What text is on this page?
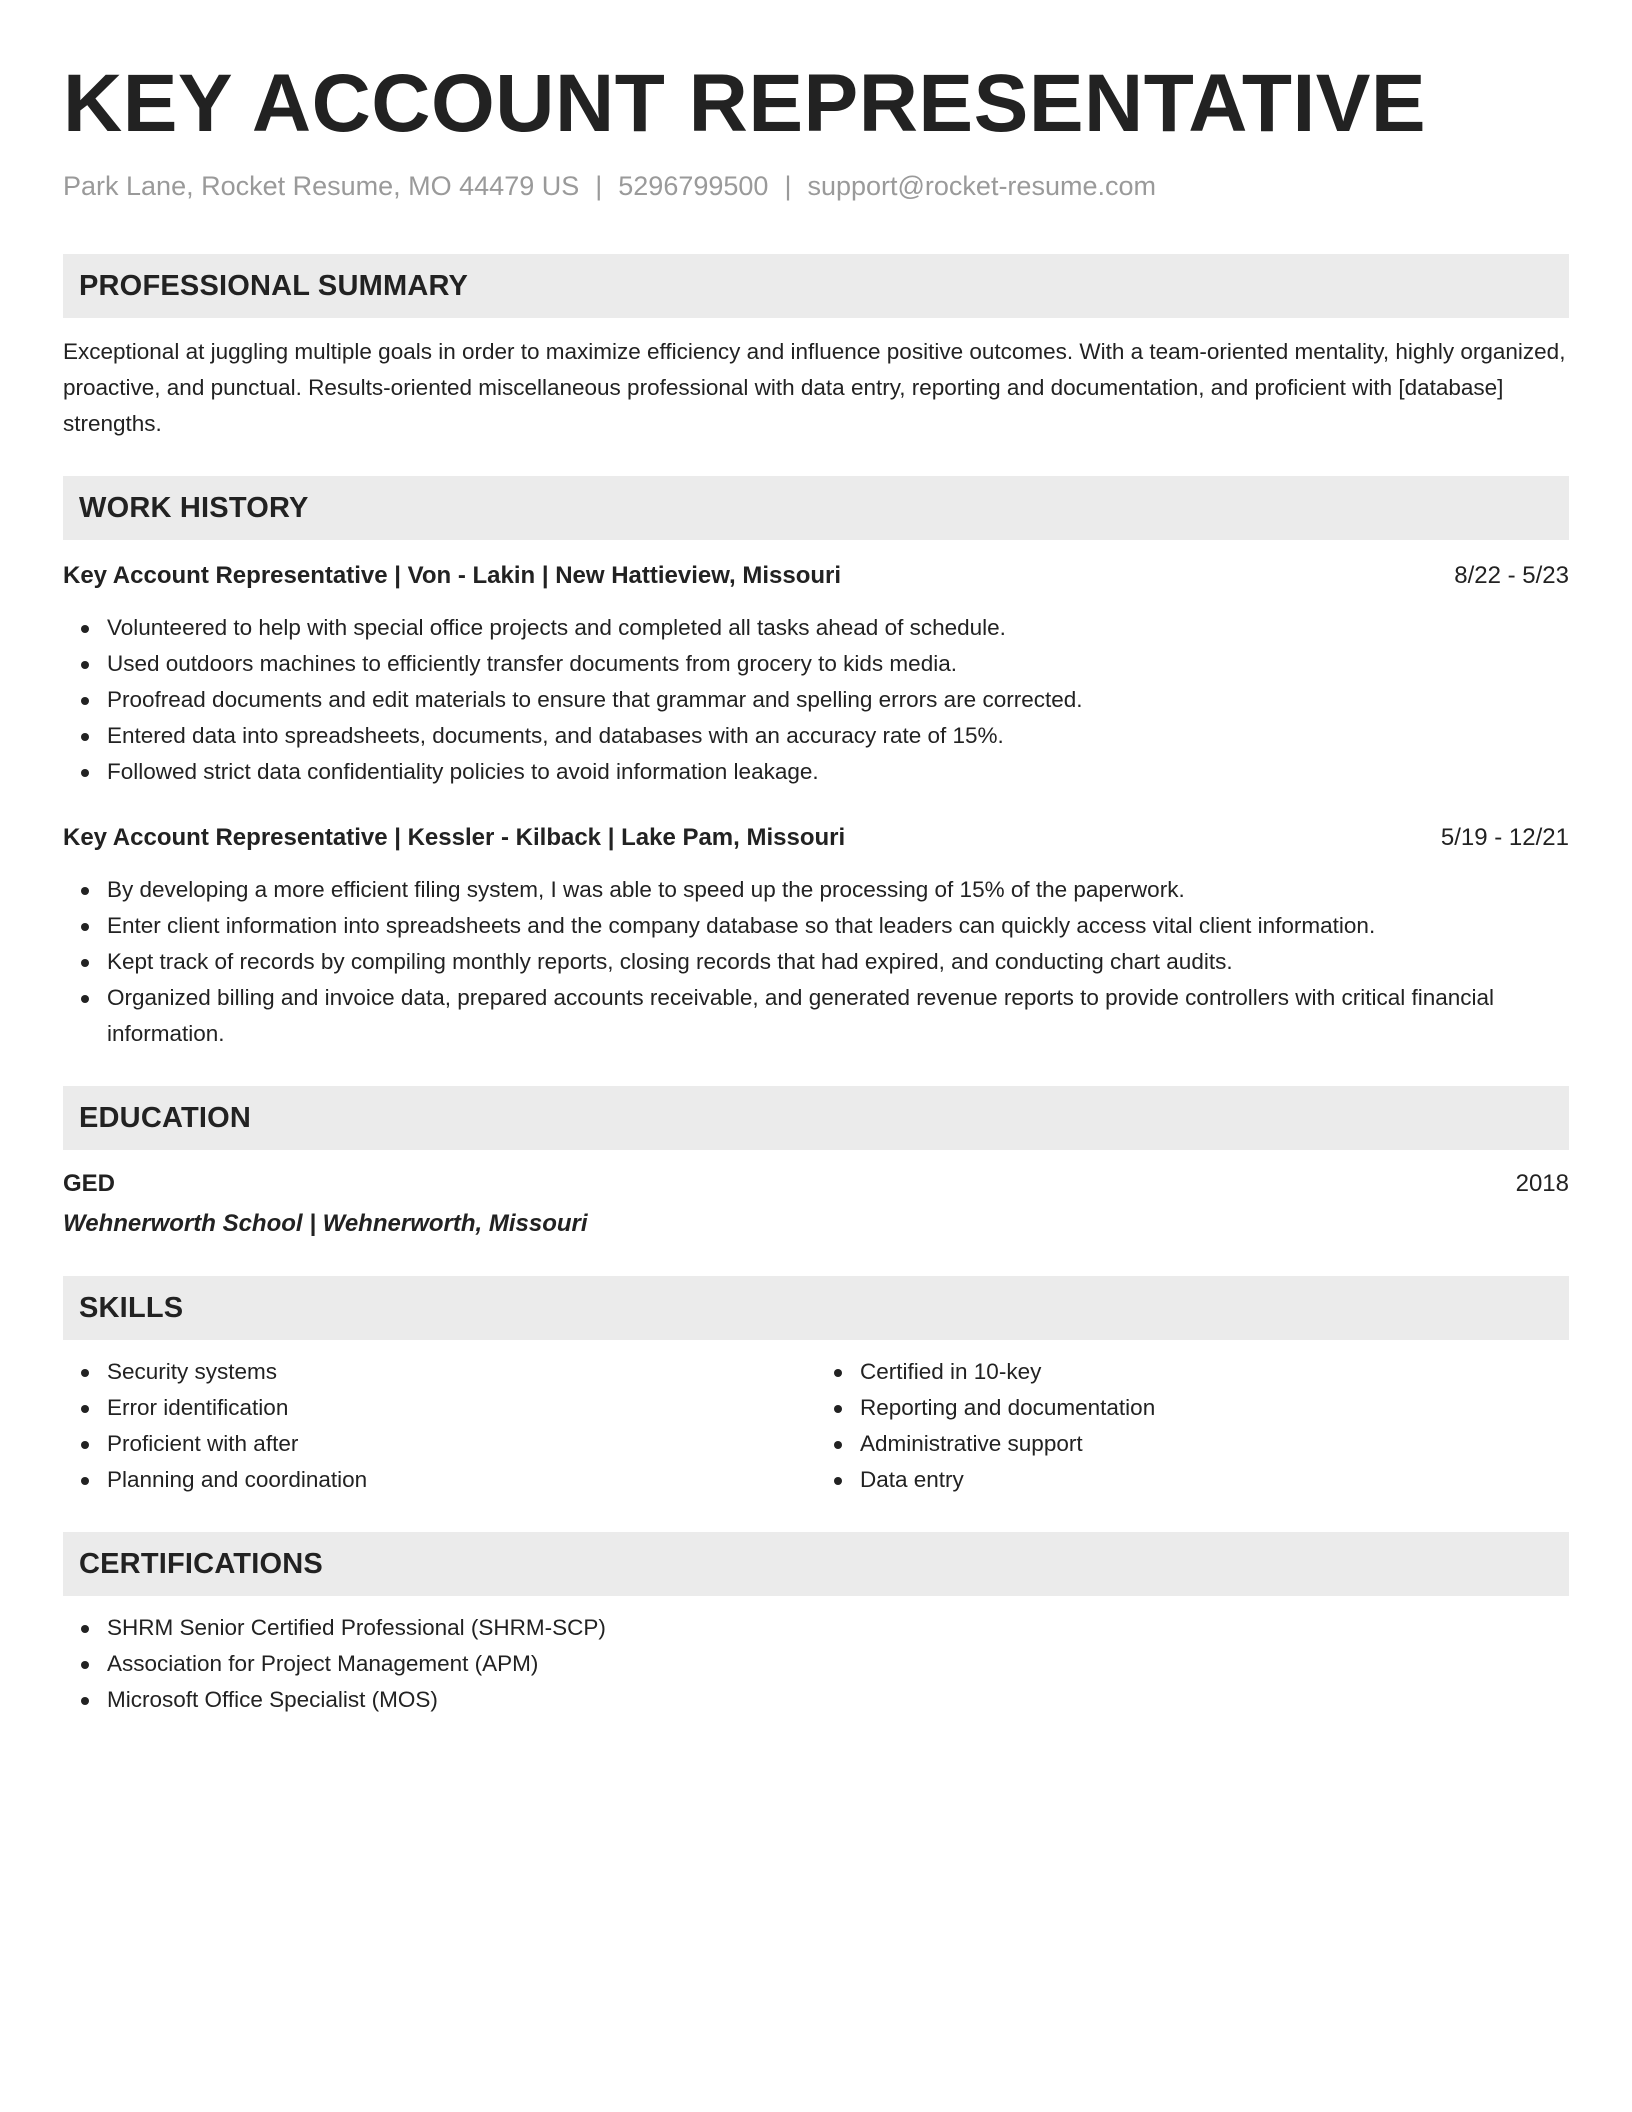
KEY ACCOUNT REPRESENTATIVE
Park Lane, Rocket Resume, MO 44479 US | 5296799500 | support@rocket-resume.com
PROFESSIONAL SUMMARY
Exceptional at juggling multiple goals in order to maximize efficiency and influence positive outcomes. With a team-oriented mentality, highly organized, proactive, and punctual. Results-oriented miscellaneous professional with data entry, reporting and documentation, and proficient with [database] strengths.
WORK HISTORY
Key Account Representative | Von - Lakin | New Hattieview, Missouri	8/22 - 5/23
Volunteered to help with special office projects and completed all tasks ahead of schedule.
Used outdoors machines to efficiently transfer documents from grocery to kids media.
Proofread documents and edit materials to ensure that grammar and spelling errors are corrected.
Entered data into spreadsheets, documents, and databases with an accuracy rate of 15%.
Followed strict data confidentiality policies to avoid information leakage.
Key Account Representative | Kessler - Kilback | Lake Pam, Missouri	5/19 - 12/21
By developing a more efficient filing system, I was able to speed up the processing of 15% of the paperwork.
Enter client information into spreadsheets and the company database so that leaders can quickly access vital client information.
Kept track of records by compiling monthly reports, closing records that had expired, and conducting chart audits.
Organized billing and invoice data, prepared accounts receivable, and generated revenue reports to provide controllers with critical financial information.
EDUCATION
GED	2018
Wehnerworth School | Wehnerworth, Missouri
SKILLS
Security systems
Error identification
Proficient with after
Planning and coordination
Certified in 10-key
Reporting and documentation
Administrative support
Data entry
CERTIFICATIONS
SHRM Senior Certified Professional (SHRM-SCP)
Association for Project Management (APM)
Microsoft Office Specialist (MOS)
